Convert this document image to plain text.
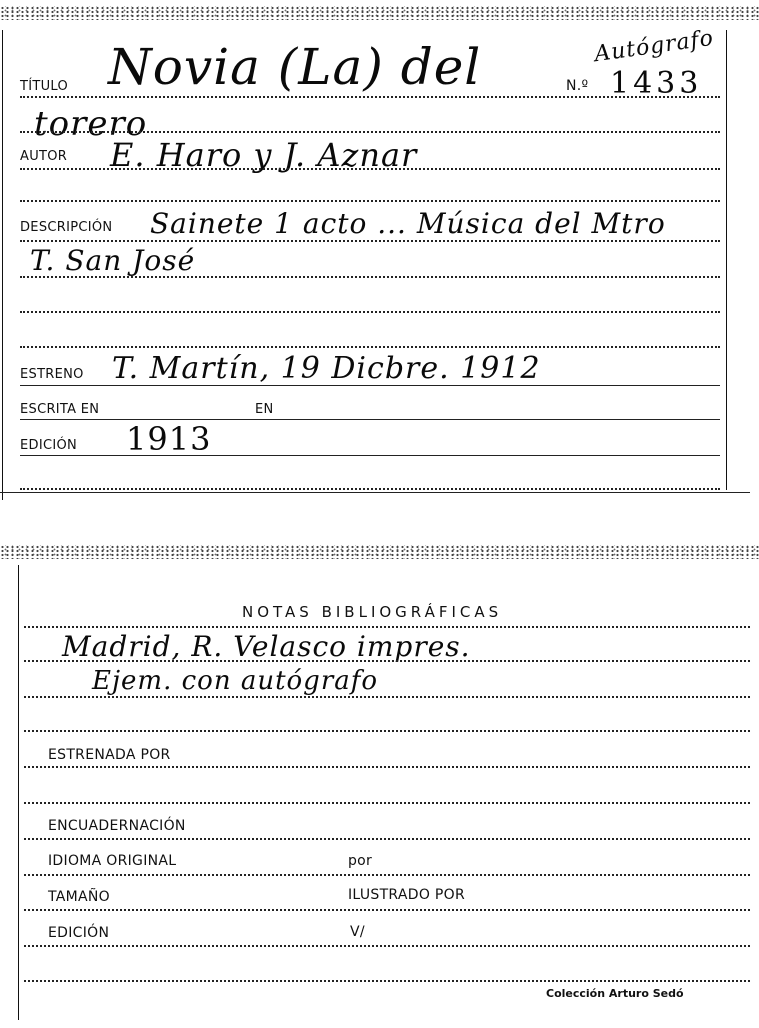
Autógrafo
TÍTULO Novia (La) del	N.º 1433
torero
AUTOR E. Haro y J. Aznar
DESCRIPCIÓN Sainete 1 acto ... Música del Mtro
T. San José
ESTRENO T. Martín, 19 Dicbre. 1912
ESCRITA EN	EN
EDICIÓN 1913
NOTAS BIBLIOGRÁFICAS
Madrid, R. Velasco impres.
Ejem. con autógrafo
ESTRENADA POR
ENCUADERNACIÓN
IDIOMA ORIGINAL	por
TAMAÑO	ILUSTRADO POR
EDICIÓN	V/
Colección Arturo Sedó
